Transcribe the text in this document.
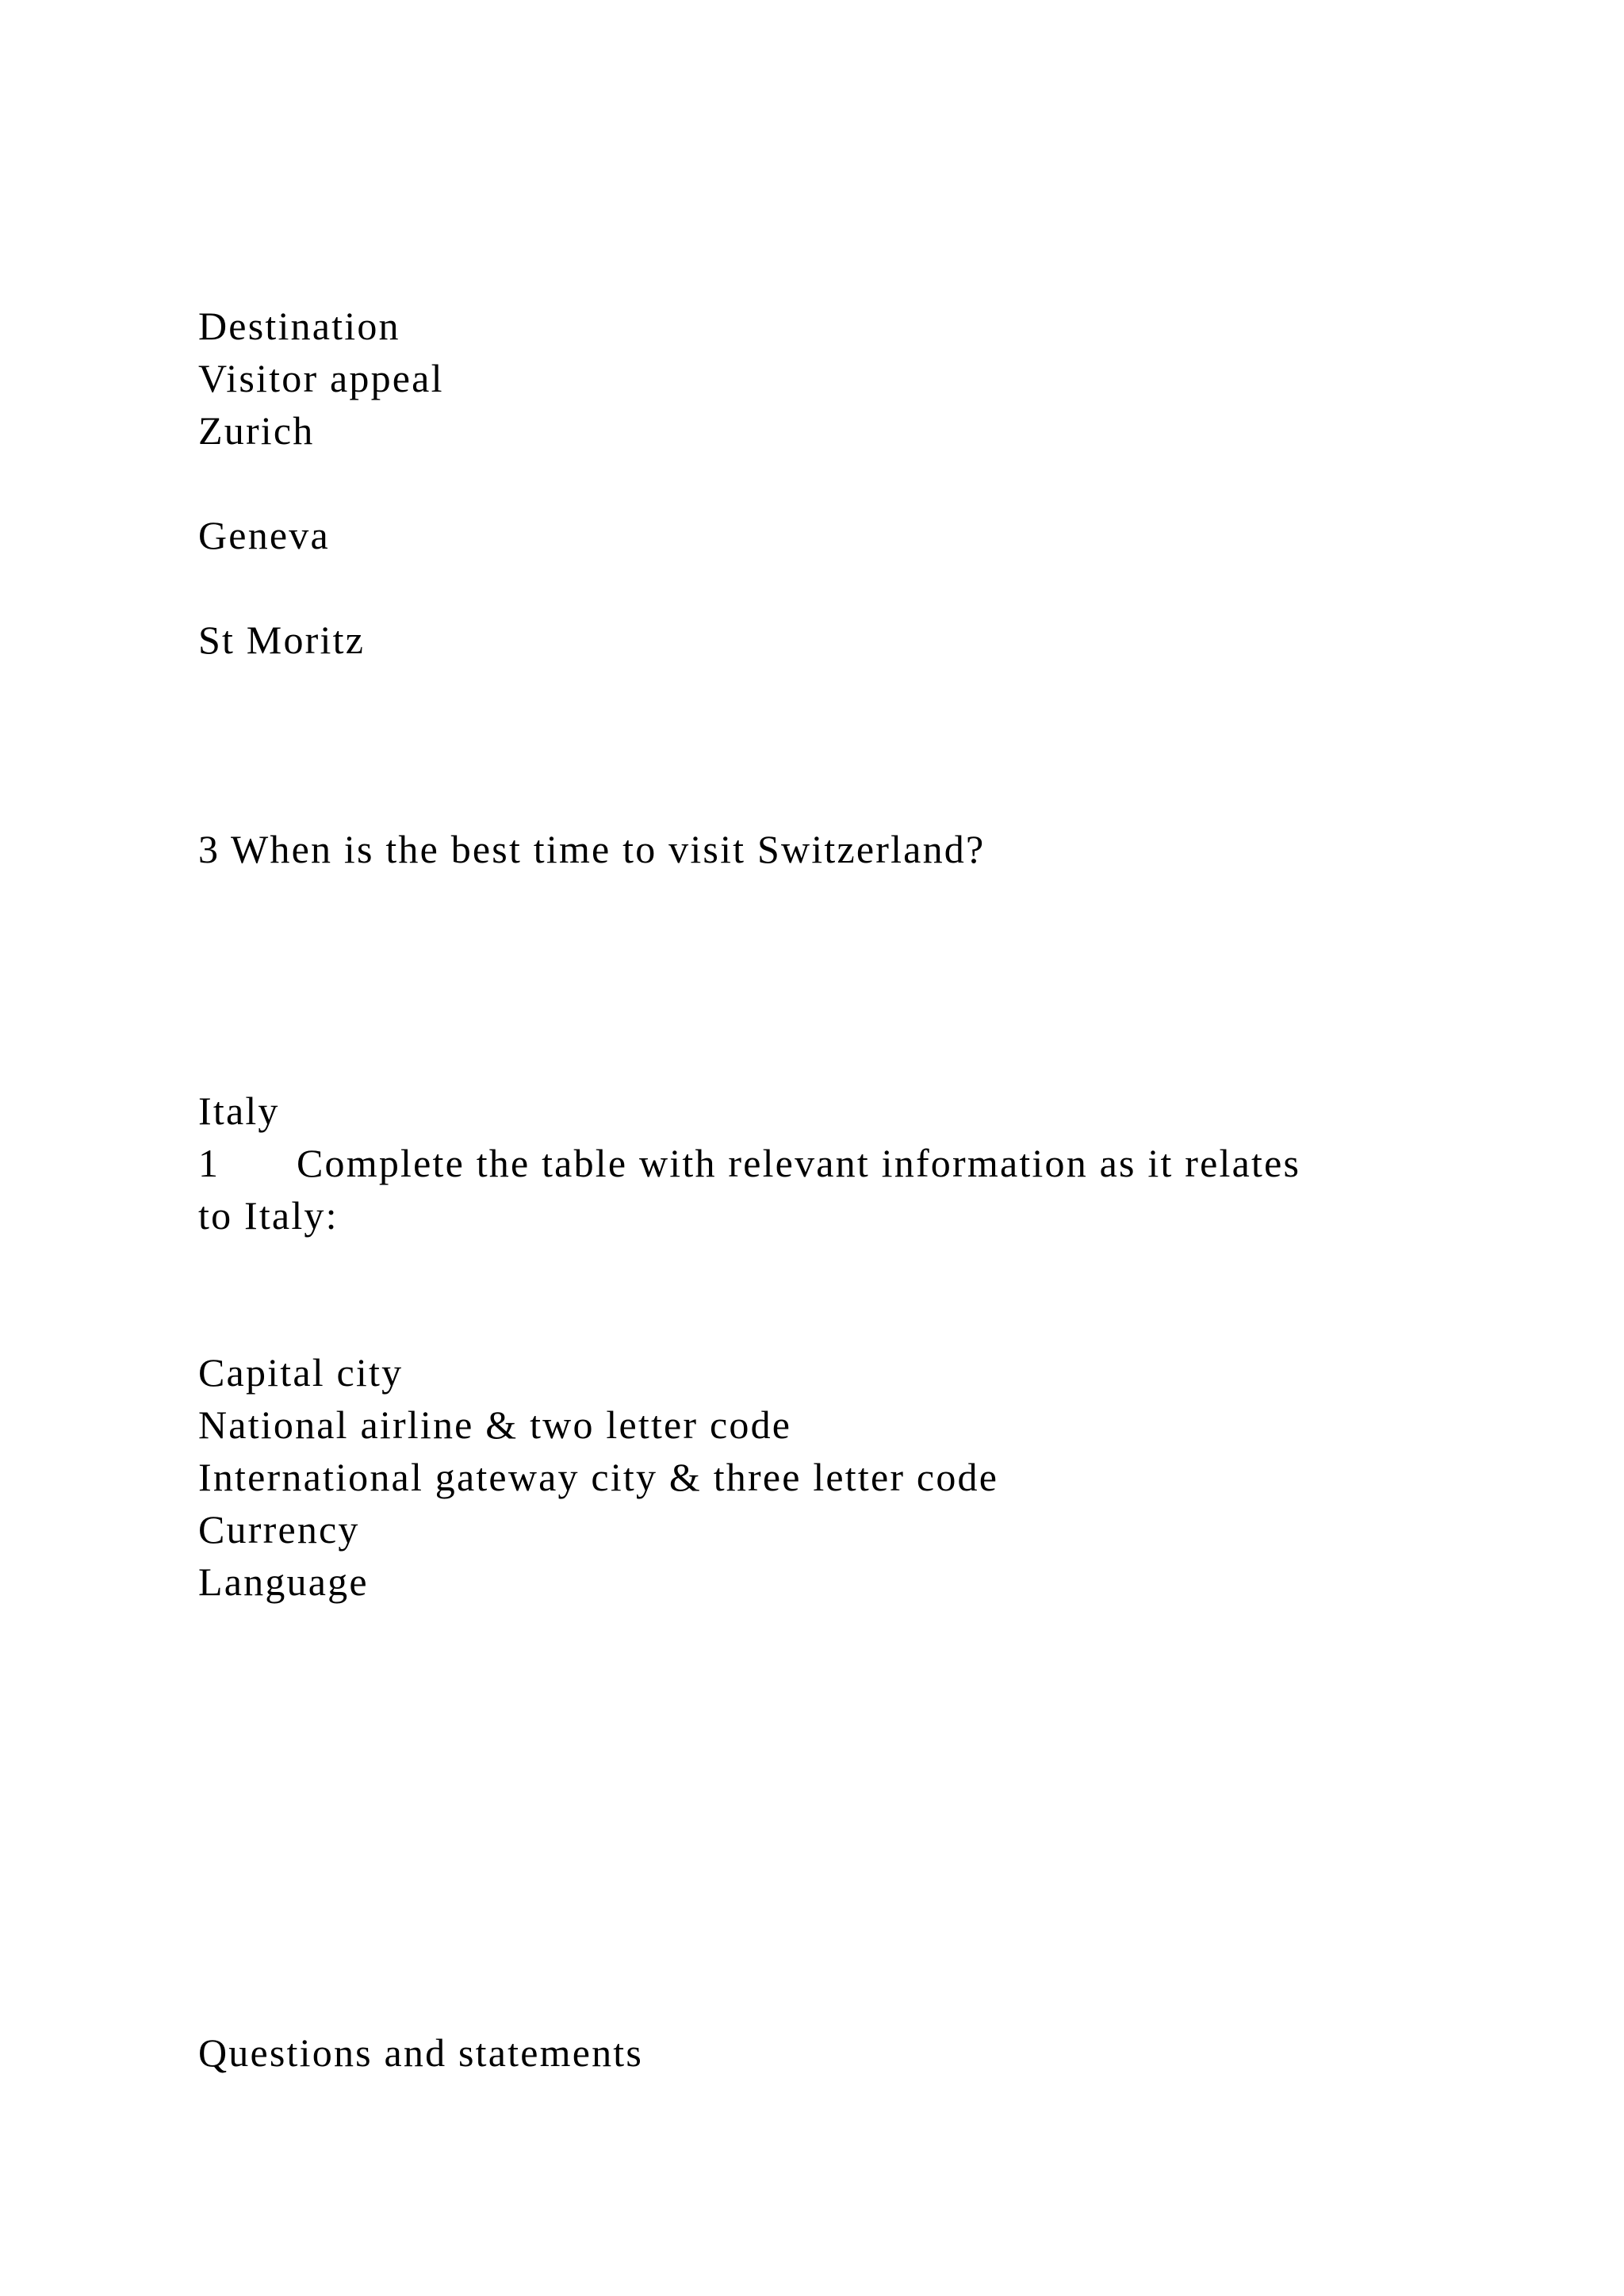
Destination
Visitor appeal
Zurich
Geneva
St Moritz
3 When is the best time to visit Switzerland?
Italy
1 Complete the table with relevant information as it relates
to Italy:
Capital city
National airline & two letter code
International gateway city & three letter code
Currency
Language
Questions and statements
